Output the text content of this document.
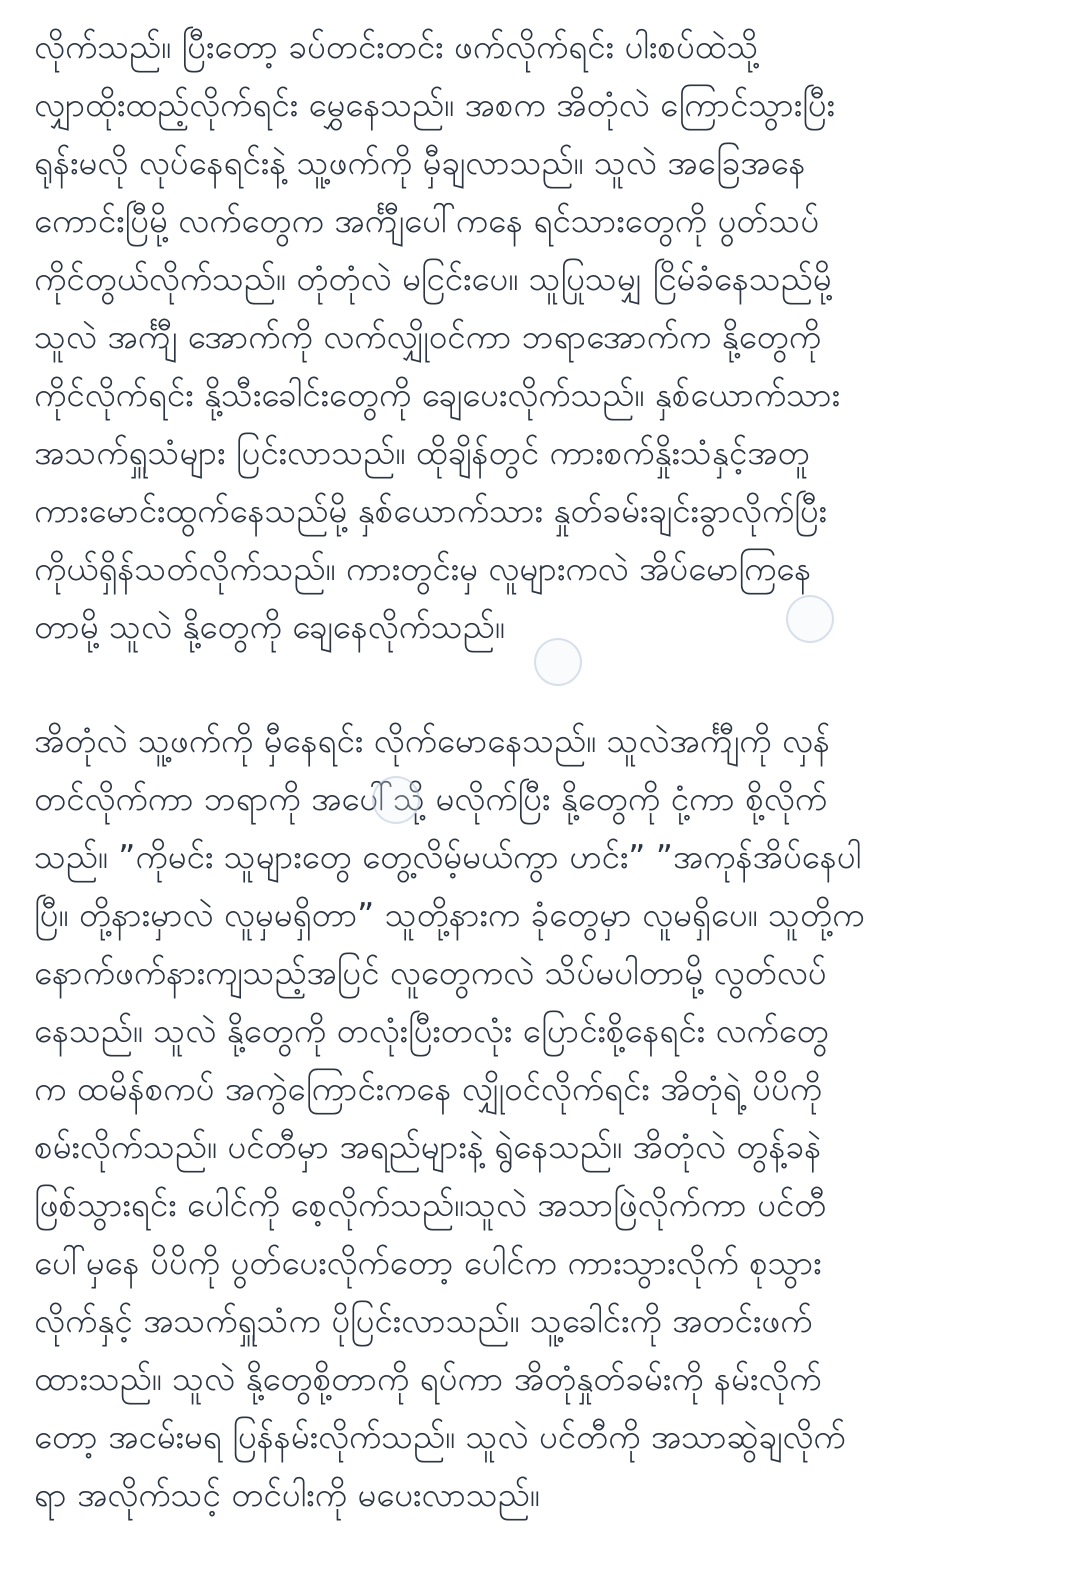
လိုက်သည်။ ပြီးတော့ ခပ်တင်းတင်း ဖက်လိုက်ရင်း ပါးစပ်ထဲသို့
လျှာထိုးထည့်လိုက်ရင်း မွှေနေသည်။ အစက အိတုံလဲ ကြောင်သွားပြီး
ရုန်းမလို လုပ်နေရင်းနဲ့ သူ့ဖက်ကို မှီချလာသည်။ သူလဲ အခြေအနေ
ကောင်းပြီမို့ လက်တွေက အင်္ကျီပေါ်ကနေ ရင်သားတွေကို ပွတ်သပ်
ကိုင်တွယ်လိုက်သည်။ တုံတုံလဲ မငြင်းပေ။ သူပြုသမျှ ငြိမ်ခံနေသည်မို့
သူလဲ အင်္ကျီ အောက်ကို လက်လျှိုဝင်ကာ ဘရာအောက်က နို့တွေကို
ကိုင်လိုက်ရင်း နို့သီးခေါင်းတွေကို ချေပေးလိုက်သည်။ နှစ်ယောက်သား
အသက်ရှူသံများ ပြင်းလာသည်။ ထိုချိန်တွင် ကားစက်နှိုးသံနှင့်အတူ
ကားမောင်းထွက်နေသည်မို့ နှစ်ယောက်သား နှုတ်ခမ်းချင်းခွာလိုက်ပြီး
ကိုယ်ရှိန်သတ်လိုက်သည်။ ကားတွင်းမှ လူများကလဲ အိပ်မောကြနေ
တာမို့ သူလဲ နို့တွေကို ချေနေလိုက်သည်။
အိတုံလဲ သူ့ဖက်ကို မှီနေရင်း လိုက်မောနေသည်။ သူလဲအင်္ကျီကို လှန်
တင်လိုက်ကာ ဘရာကို အပေါ်သို့ မလိုက်ပြီး နို့တွေကို ငုံ့ကာ စို့လိုက်
သည်။ ”ကိုမင်း သူများတွေ တွေ့လိမ့်မယ်ကွာ ဟင်း” ”အကုန်အိပ်နေပါ
ပြီ။ တို့နားမှာလဲ လူမှမရှိတာ” သူတို့နားက ခုံတွေမှာ လူမရှိပေ။ သူတို့က
နောက်ဖက်နားကျသည့်အပြင် လူတွေကလဲ သိပ်မပါတာမို့ လွတ်လပ်
နေသည်။ သူလဲ နို့တွေကို တလုံးပြီးတလုံး ပြောင်းစို့နေရင်း လက်တွေ
က ထမိန်စကပ် အကွဲကြောင်းကနေ လျှိုဝင်လိုက်ရင်း အိတုံရဲ့ ပိပိကို
စမ်းလိုက်သည်။ ပင်တီမှာ အရည်များနဲ့ ရွဲနေသည်။ အိတုံလဲ တွန့်ခနဲ
ဖြစ်သွားရင်း ပေါင်ကို စေ့လိုက်သည်။သူလဲ အသာဖြဲလိုက်ကာ ပင်တီ
ပေါ်မှနေ ပိပိကို ပွတ်ပေးလိုက်တော့ ပေါင်က ကားသွားလိုက် စုသွား
လိုက်နှင့် အသက်ရှူသံက ပိုပြင်းလာသည်။ သူ့ခေါင်းကို အတင်းဖက်
ထားသည်။ သူလဲ နို့တွေစို့တာကို ရပ်ကာ အိတုံနှုတ်ခမ်းကို နမ်းလိုက်
တော့ အငမ်းမရ ပြန်နမ်းလိုက်သည်။ သူလဲ ပင်တီကို အသာဆွဲချလိုက်
ရာ အလိုက်သင့် တင်ပါးကို မပေးလာသည်။
